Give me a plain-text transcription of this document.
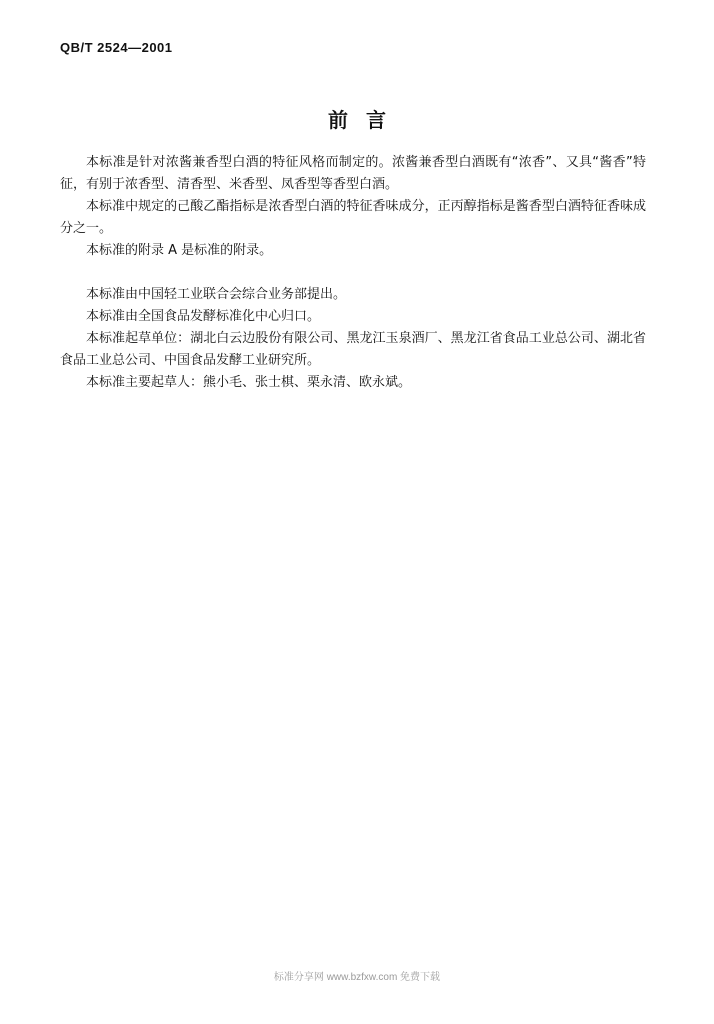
QB/T 2524—2001
前言

本标准是针对浓酱兼香型白酒的特征风格而制定的。浓酱兼香型白酒既有“浓香”、又具“酱香”特征，有别于浓香型、清香型、米香型、凤香型等香型白酒。

本标准中规定的己酸乙酯指标是浓香型白酒的特征香味成分，正丙醇指标是酱香型白酒特征香味成分之一。

本标准的附录 A 是标准的附录。

本标准由中国轻工业联合会综合业务部提出。

本标准由全国食品发酵标准化中心归口。

本标准起草单位：湖北白云边股份有限公司、黑龙江玉泉酒厂、黑龙江省食品工业总公司、湖北省食品工业总公司、中国食品发酵工业研究所。

本标准主要起草人：熊小毛、张士棋、栗永清、欧永斌。

标准分享网 www.bzfxw.com 免费下载
